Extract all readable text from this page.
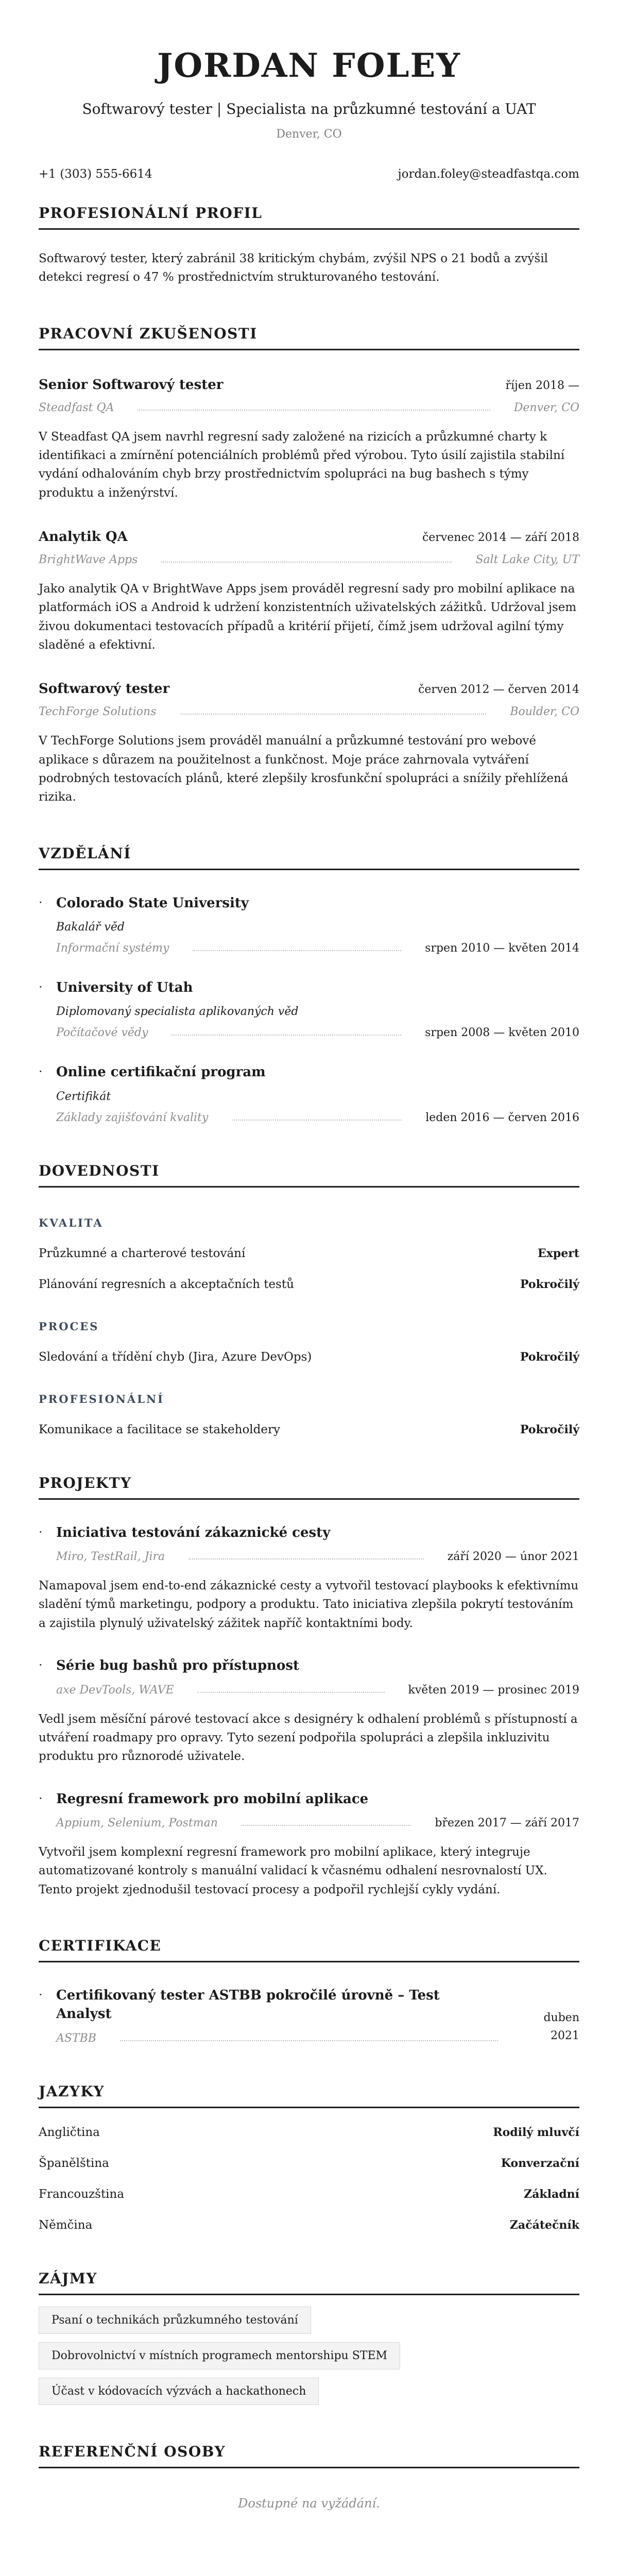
JORDAN FOLEY
Softwarový tester | Specialista na průzkumné testování a UAT
Denver, CO
+1 (303) 555-6614	jordan.foley@steadfastqa.com
PROFESIONÁLNÍ PROFIL

Softwarový tester, který zabránil 38 kritickým chybám, zvýšil NPS o 21 bodů a zvýšil detekci regresí o 47 % prostřednictvím strukturovaného testování.

PRACOVNÍ ZKUŠENOSTI
Senior Softwarový tester	říjen 2018 —
Steadfast QA	Denver, CO

V Steadfast QA jsem navrhl regresní sady založené na rizicích a průzkumné charty k identifikaci a zmírnění potenciálních problémů před výrobou. Tyto úsilí zajistila stabilní vydání odhalováním chyb brzy prostřednictvím spolupráci na bug bashech s týmy produktu a inženýrství.

Analytik QA	červenec 2014 — září 2018
BrightWave Apps	Salt Lake City, UT

Jako analytik QA v BrightWave Apps jsem prováděl regresní sady pro mobilní aplikace na platformách iOS a Android k udržení konzistentních uživatelských zážitků. Udržoval jsem živou dokumentaci testovacích případů a kritérií přijetí, čímž jsem udržoval agilní týmy sladěné a efektivní.

Softwarový tester	červen 2012 — červen 2014
TechForge Solutions	Boulder, CO

V TechForge Solutions jsem prováděl manuální a průzkumné testování pro webové aplikace s důrazem na použitelnost a funkčnost. Moje práce zahrnovala vytváření podrobných testovacích plánů, které zlepšily krosfunkční spolupráci a snížily přehlížená rizika.

VZDĚLÁNÍ
·
Colorado State University
Bakalář věd
Informační systémy	srpen 2010 — květen 2014
·
University of Utah
Diplomovaný specialista aplikovaných věd
Počítačové vědy	srpen 2008 — květen 2010
·
Online certifikační program
Certifikát
Základy zajišťování kvality	leden 2016 — červen 2016
DOVEDNOSTI
KVALITA
Průzkumné a charterové testování	Expert
Plánování regresních a akceptačních testů	Pokročilý
PROCES
Sledování a třídění chyb (Jira, Azure DevOps)	Pokročilý
PROFESIONÁLNÍ
Komunikace a facilitace se stakeholdery	Pokročilý
PROJEKTY
·
Iniciativa testování zákaznické cesty
Miro, TestRail, Jira	září 2020 — únor 2021

Namapoval jsem end-to-end zákaznické cesty a vytvořil testovací playbooks k efektivnímu sladění týmů marketingu, podpory a produktu. Tato iniciativa zlepšila pokrytí testováním a zajistila plynulý uživatelský zážitek napříč kontaktními body.

·
Série bug bashů pro přístupnost
axe DevTools, WAVE	květen 2019 — prosinec 2019

Vedl jsem měsíční párové testovací akce s designéry k odhalení problémů s přístupností a utváření roadmapy pro opravy. Tyto sezení podpořila spolupráci a zlepšila inkluzivitu produktu pro různorodé uživatele.

·
Regresní framework pro mobilní aplikace
Appium, Selenium, Postman	březen 2017 — září 2017

Vytvořil jsem komplexní regresní framework pro mobilní aplikace, který integruje automatizované kontroly s manuální validací k včasnému odhalení nesrovnalostí UX. Tento projekt zjednodušil testovací procesy a podpořil rychlejší cykly vydání.

CERTIFIKACE
·
Certifikovaný tester ASTBB pokročilé úrovně – Test Analyst
ASTBB
duben 2021
JAZYKY
Angličtina	Rodilý mluvčí
Španělština	Konverzační
Francouzština	Základní
Němčina	Začátečník
ZÁJMY
Psaní o technikách průzkumného testování
Dobrovolnictví v místních programech mentorshipu STEM
Účast v kódovacích výzvách a hackathonech
REFERENČNÍ OSOBY
Dostupné na vyžádání.
